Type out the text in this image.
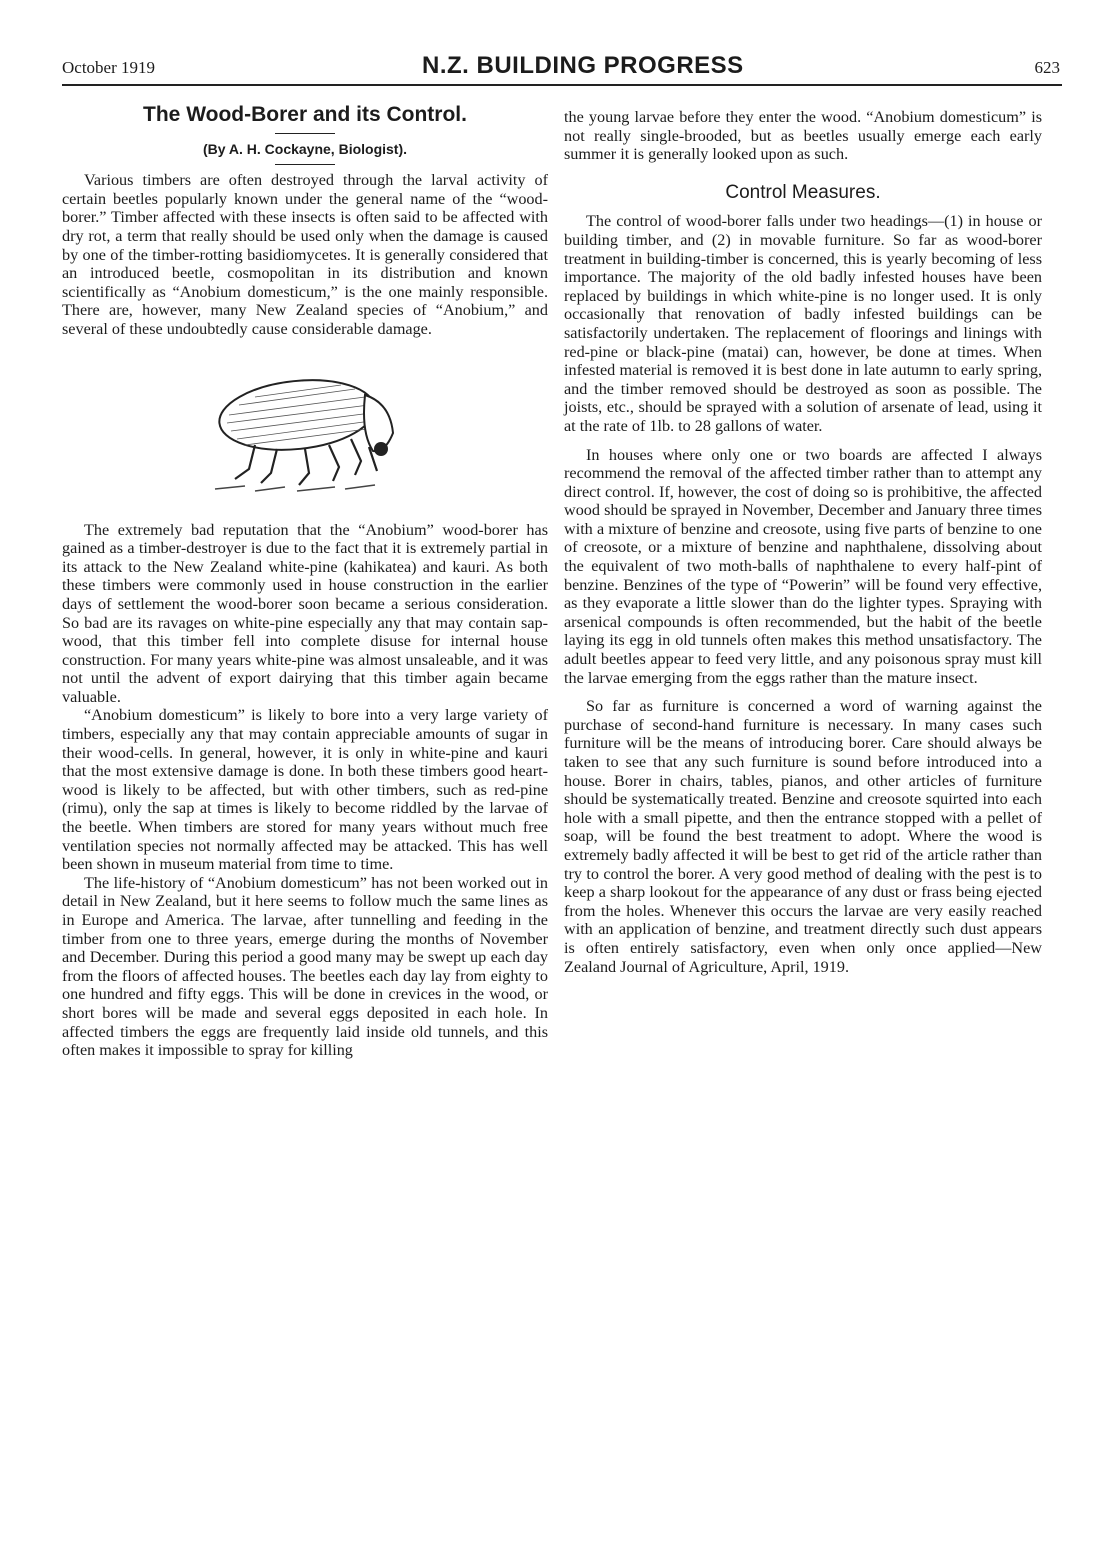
October 1919	N.Z. BUILDING PROGRESS	623
The Wood-Borer and its Control.
(By A. H. Cockayne, Biologist).

Various timbers are often destroyed through the larval activity of certain beetles popularly known under the general name of the “wood-borer.” Timber affected with these insects is often said to be affected with dry rot, a term that really should be used only when the damage is caused by one of the timber-rotting basidiomycetes. It is generally considered that an introduced beetle, cosmopolitan in its distribution and known scientifically as “Anobium domesticum,” is the one mainly responsible. There are, however, many New Zealand species of “Anobium,” and several of these undoubtedly cause considerable damage.

The extremely bad reputation that the “Anobium” wood-borer has gained as a timber-destroyer is due to the fact that it is extremely partial in its attack to the New Zealand white-pine (kahikatea) and kauri. As both these timbers were commonly used in house construction in the earlier days of settlement the wood-borer soon became a serious consideration. So bad are its ravages on white-pine especially any that may contain sap-wood, that this timber fell into complete disuse for internal house construction. For many years white-pine was almost unsaleable, and it was not until the advent of export dairying that this timber again became valuable.

“Anobium domesticum” is likely to bore into a very large variety of timbers, especially any that may contain appreciable amounts of sugar in their wood-cells. In general, however, it is only in white-pine and kauri that the most extensive damage is done. In both these timbers good heart-wood is likely to be affected, but with other timbers, such as red-pine (rimu), only the sap at times is likely to become riddled by the larvae of the beetle. When timbers are stored for many years without much free ventilation species not normally affected may be attacked. This has well been shown in museum material from time to time.

The life-history of “Anobium domesticum” has not been worked out in detail in New Zealand, but it here seems to follow much the same lines as in Europe and America. The larvae, after tunnelling and feeding in the timber from one to three years, emerge during the months of November and December. During this period a good many may be swept up each day from the floors of affected houses. The beetles each day lay from eighty to one hundred and fifty eggs. This will be done in crevices in the wood, or short bores will be made and several eggs deposited in each hole. In affected timbers the eggs are frequently laid inside old tunnels, and this often makes it impossible to spray for killing

the young larvae before they enter the wood. “Anobium domesticum” is not really single-brooded, but as beetles usually emerge each early summer it is generally looked upon as such.

Control Measures.

The control of wood-borer falls under two headings—(1) in house or building timber, and (2) in movable furniture. So far as wood-borer treatment in building-timber is concerned, this is yearly becoming of less importance. The majority of the old badly infested houses have been replaced by buildings in which white-pine is no longer used. It is only occasionally that renovation of badly infested buildings can be satisfactorily undertaken. The replacement of floorings and linings with red-pine or black-pine (matai) can, however, be done at times. When infested material is removed it is best done in late autumn to early spring, and the timber removed should be destroyed as soon as possible. The joists, etc., should be sprayed with a solution of arsenate of lead, using it at the rate of 1lb. to 28 gallons of water.

In houses where only one or two boards are affected I always recommend the removal of the affected timber rather than to attempt any direct control. If, however, the cost of doing so is prohibitive, the affected wood should be sprayed in November, December and January three times with a mixture of benzine and creosote, using five parts of benzine to one of creosote, or a mixture of benzine and naphthalene, dissolving about the equivalent of two moth-balls of naphthalene to every half-pint of benzine. Benzines of the type of “Powerin” will be found very effective, as they evaporate a little slower than do the lighter types. Spraying with arsenical compounds is often recommended, but the habit of the beetle laying its egg in old tunnels often makes this method unsatisfactory. The adult beetles appear to feed very little, and any poisonous spray must kill the larvae emerging from the eggs rather than the mature insect.

So far as furniture is concerned a word of warning against the purchase of second-hand furniture is necessary. In many cases such furniture will be the means of introducing borer. Care should always be taken to see that any such furniture is sound before introduced into a house. Borer in chairs, tables, pianos, and other articles of furniture should be systematically treated. Benzine and creosote squirted into each hole with a small pipette, and then the entrance stopped with a pellet of soap, will be found the best treatment to adopt. Where the wood is extremely badly affected it will be best to get rid of the article rather than try to control the borer. A very good method of dealing with the pest is to keep a sharp lookout for the appearance of any dust or frass being ejected from the holes. Whenever this occurs the larvae are very easily reached with an application of benzine, and treatment directly such dust appears is often entirely satisfactory, even when only once applied—New Zealand Journal of Agriculture, April, 1919.
